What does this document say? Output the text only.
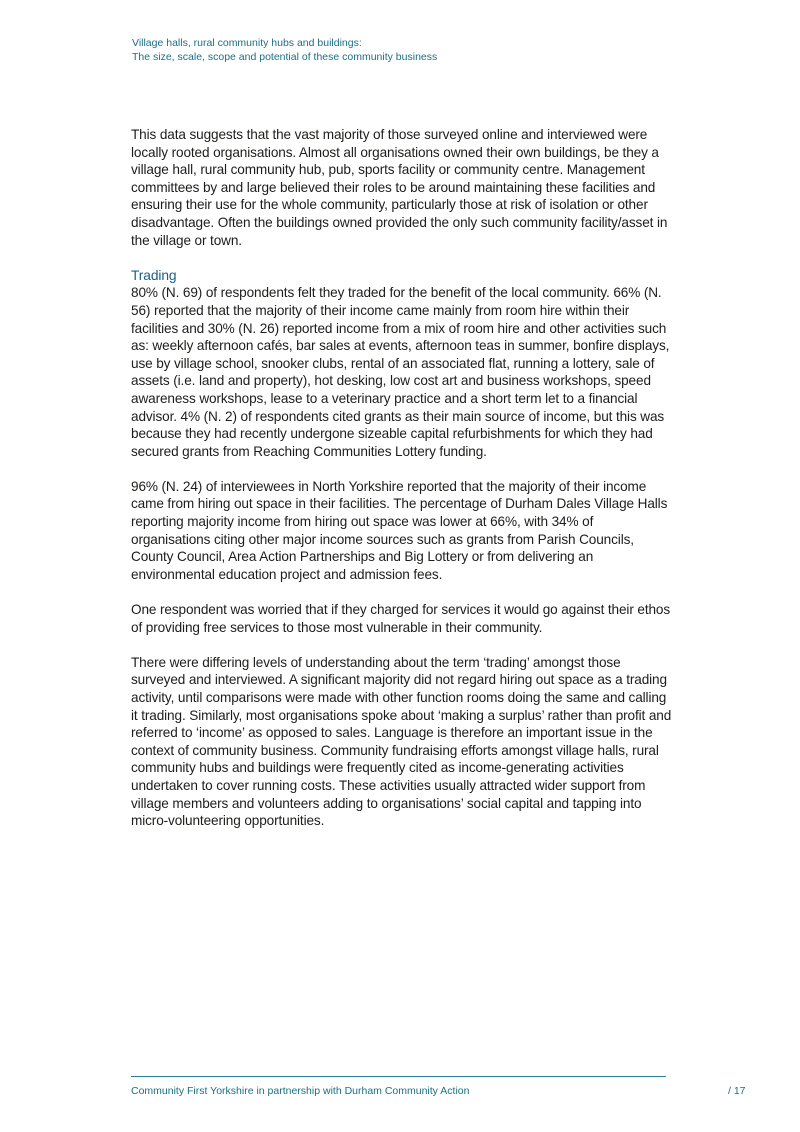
Village halls, rural community hubs and buildings:
The size, scale, scope and potential of these community business

This data suggests that the vast majority of those surveyed online and interviewed were locally rooted organisations. Almost all organisations owned their own buildings, be they a village hall, rural community hub, pub, sports facility or community centre. Management committees by and large believed their roles to be around maintaining these facilities and ensuring their use for the whole community, particularly those at risk of isolation or other disadvantage. Often the buildings owned provided the only such community facility/asset in the village or town.

Trading

80% (N. 69) of respondents felt they traded for the benefit of the local community. 66% (N. 56) reported that the majority of their income came mainly from room hire within their facilities and 30% (N. 26) reported income from a mix of room hire and other activities such as: weekly afternoon cafés, bar sales at events, afternoon teas in summer, bonfire displays, use by village school, snooker clubs, rental of an associated flat, running a lottery, sale of assets (i.e. land and property), hot desking, low cost art and business workshops, speed awareness workshops, lease to a veterinary practice and a short term let to a financial advisor. 4% (N. 2) of respondents cited grants as their main source of income, but this was because they had recently undergone sizeable capital refurbishments for which they had secured grants from Reaching Communities Lottery funding.

96% (N. 24) of interviewees in North Yorkshire reported that the majority of their income came from hiring out space in their facilities. The percentage of Durham Dales Village Halls reporting majority income from hiring out space was lower at 66%, with 34% of organisations citing other major income sources such as grants from Parish Councils, County Council, Area Action Partnerships and Big Lottery or from delivering an environmental education project and admission fees.

One respondent was worried that if they charged for services it would go against their ethos of providing free services to those most vulnerable in their community.

There were differing levels of understanding about the term ‘trading’ amongst those surveyed and interviewed. A significant majority did not regard hiring out space as a trading activity, until comparisons were made with other function rooms doing the same and calling it trading. Similarly, most organisations spoke about ‘making a surplus’ rather than profit and referred to ‘income’ as opposed to sales. Language is therefore an important issue in the context of community business. Community fundraising efforts amongst village halls, rural community hubs and buildings were frequently cited as income-generating activities undertaken to cover running costs. These activities usually attracted wider support from village members and volunteers adding to organisations’ social capital and tapping into micro-volunteering opportunities.

Community First Yorkshire in partnership with Durham Community Action	/ 17
